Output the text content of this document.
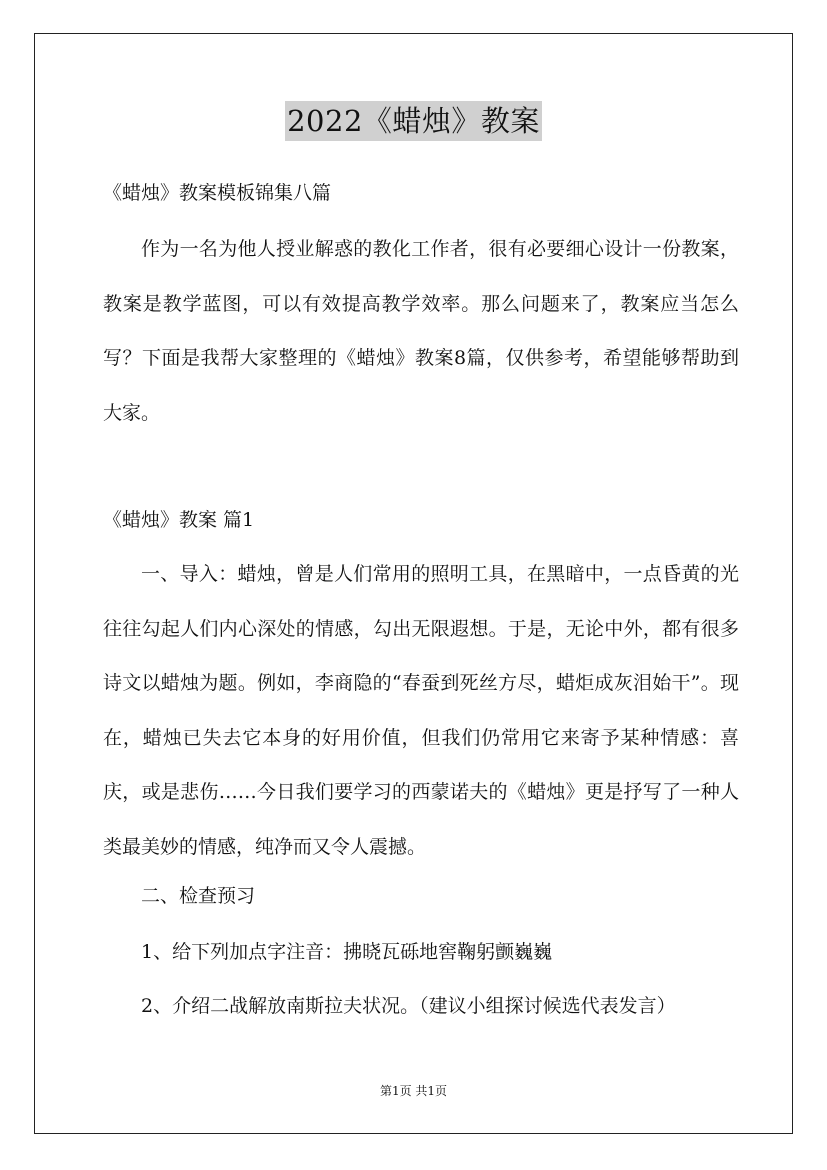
2022《蜡烛》教案
《蜡烛》教案模板锦集八篇
作为一名为他人授业解惑的教化工作者，很有必要细心设计一份教案，教案是教学蓝图，可以有效提高教学效率。那么问题来了，教案应当怎么写？下面是我帮大家整理的《蜡烛》教案8篇，仅供参考，希望能够帮助到大家。
《蜡烛》教案 篇1
一、导入：蜡烛，曾是人们常用的照明工具，在黑暗中，一点昏黄的光往往勾起人们内心深处的情感，勾出无限遐想。于是，无论中外，都有很多诗文以蜡烛为题。例如，李商隐的“春蚕到死丝方尽，蜡炬成灰泪始干”。现在，蜡烛已失去它本身的好用价值，但我们仍常用它来寄予某种情感：喜庆，或是悲伤……今日我们要学习的西蒙诺夫的《蜡烛》更是抒写了一种人类最美妙的情感，纯净而又令人震撼。
二、检查预习
1、给下列加点字注音：拂晓瓦砾地窖鞠躬颤巍巍
2、介绍二战解放南斯拉夫状况。（建议小组探讨候选代表发言）
第1页 共1页
